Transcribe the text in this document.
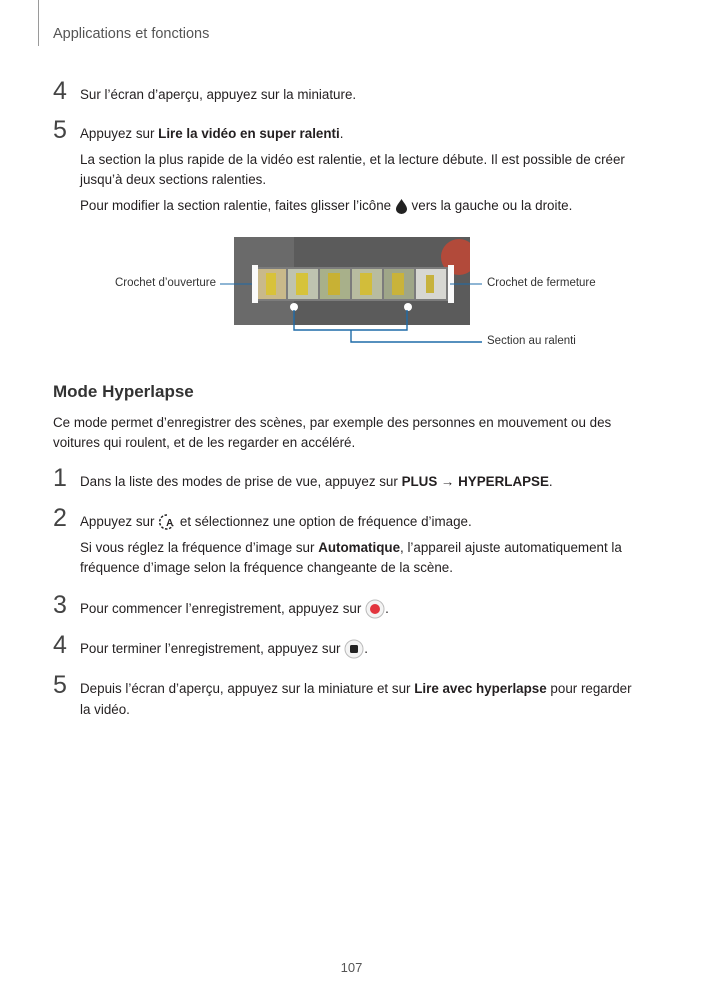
Applications et fonctions
4 Sur l’écran d’aperçu, appuyez sur la miniature.
5 Appuyez sur Lire la vidéo en super ralenti.
La section la plus rapide de la vidéo est ralentie, et la lecture débute. Il est possible de créer jusqu’à deux sections ralenties.
Pour modifier la section ralentie, faites glisser l’icône  vers la gauche ou la droite.
Crochet d’ouverture	Crochet de fermeture
Section au ralenti
Mode Hyperlapse
Ce mode permet d’enregistrer des scènes, par exemple des personnes en mouvement ou des voitures qui roulent, et de les regarder en accéléré.
1 Dans la liste des modes de prise de vue, appuyez sur PLUS → HYPERLAPSE.
2 Appuyez sur A et sélectionnez une option de fréquence d’image.
Si vous réglez la fréquence d’image sur Automatique, l’appareil ajuste automatiquement la fréquence d’image selon la fréquence changeante de la scène.
3 Pour commencer l’enregistrement, appuyez sur .
4 Pour terminer l’enregistrement, appuyez sur .
5 Depuis l’écran d’aperçu, appuyez sur la miniature et sur Lire avec hyperlapse pour regarder la vidéo.
107
